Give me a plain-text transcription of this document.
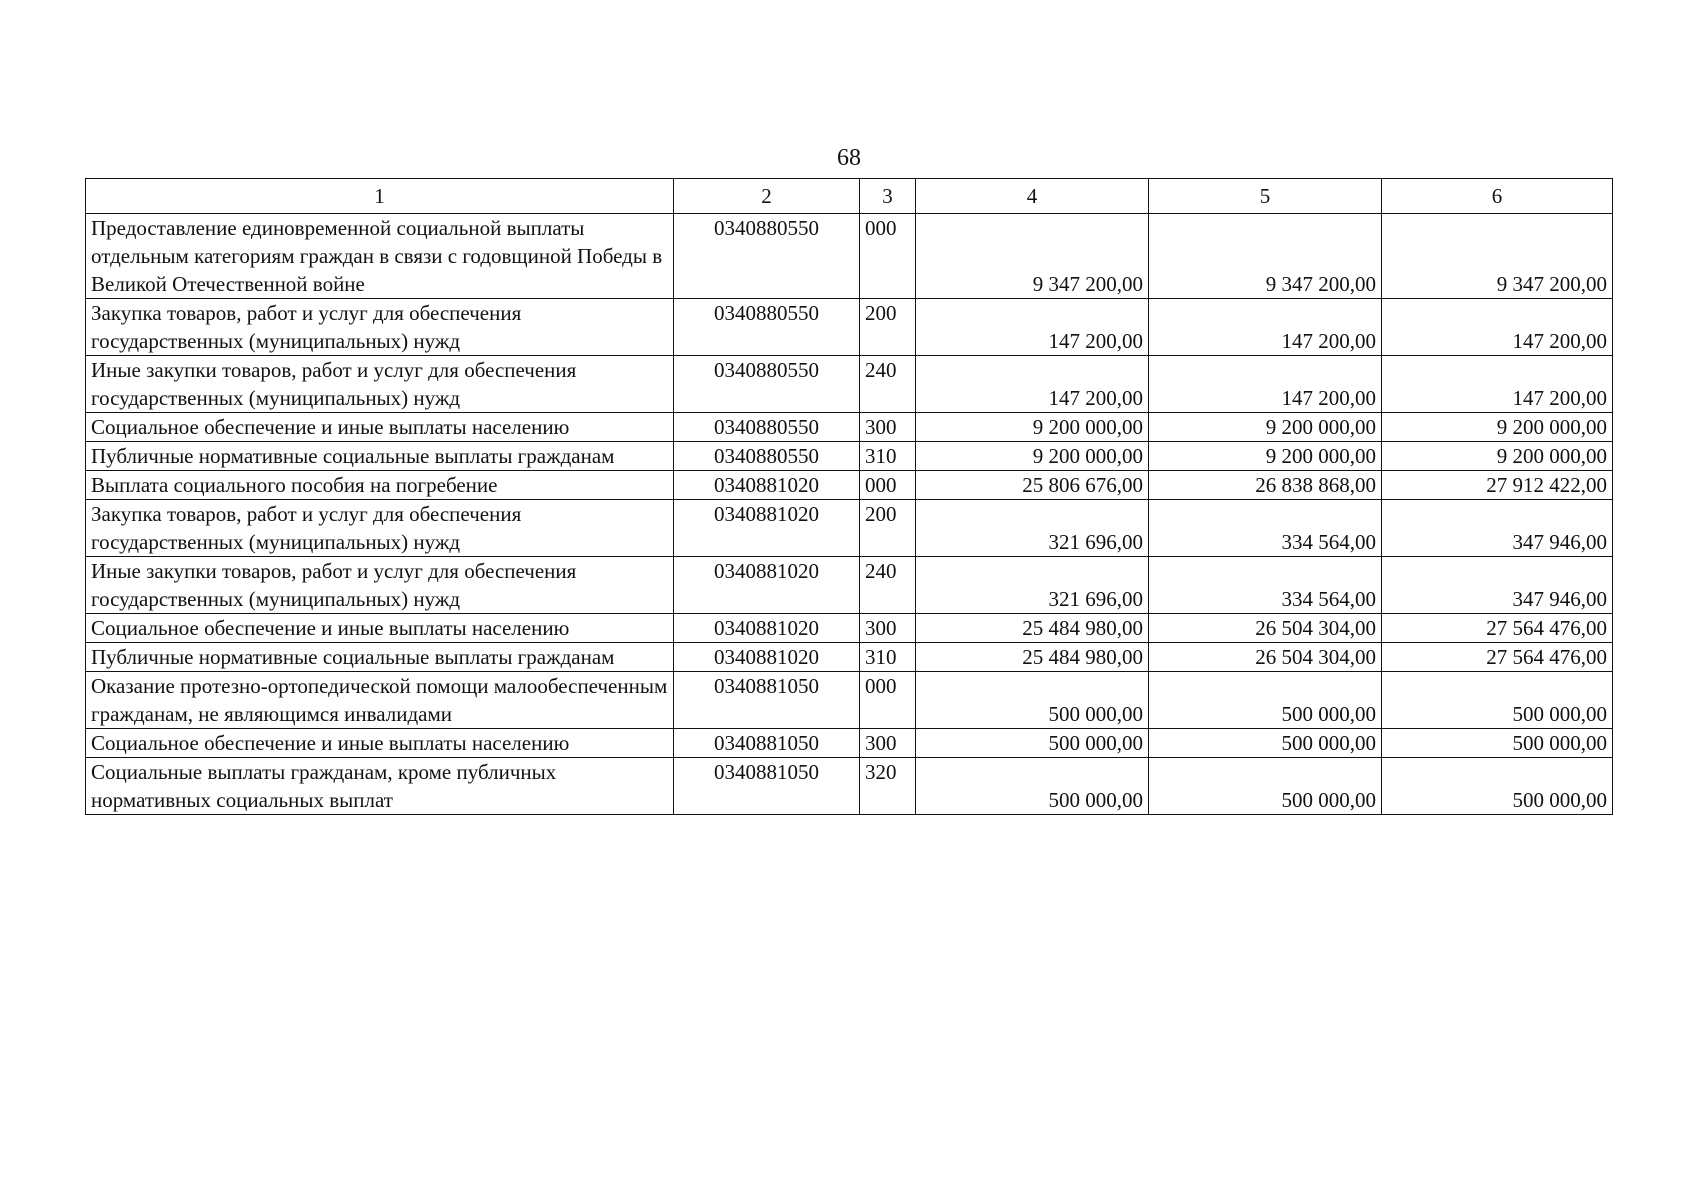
68
1	2	3	4	5	6
Предоставление единовременной социальной выплаты отдельным категориям граждан в связи с годовщиной Победы в Великой Отечественной войне	0340880550	000	9 347 200,00	9 347 200,00	9 347 200,00
Закупка товаров, работ и услуг для обеспечения государственных (муниципальных) нужд	0340880550	200	147 200,00	147 200,00	147 200,00
Иные закупки товаров, работ и услуг для обеспечения государственных (муниципальных) нужд	0340880550	240	147 200,00	147 200,00	147 200,00
Социальное обеспечение и иные выплаты населению	0340880550	300	9 200 000,00	9 200 000,00	9 200 000,00
Публичные нормативные социальные выплаты гражданам	0340880550	310	9 200 000,00	9 200 000,00	9 200 000,00
Выплата социального пособия на погребение	0340881020	000	25 806 676,00	26 838 868,00	27 912 422,00
Закупка товаров, работ и услуг для обеспечения государственных (муниципальных) нужд	0340881020	200	321 696,00	334 564,00	347 946,00
Иные закупки товаров, работ и услуг для обеспечения государственных (муниципальных) нужд	0340881020	240	321 696,00	334 564,00	347 946,00
Социальное обеспечение и иные выплаты населению	0340881020	300	25 484 980,00	26 504 304,00	27 564 476,00
Публичные нормативные социальные выплаты гражданам	0340881020	310	25 484 980,00	26 504 304,00	27 564 476,00
Оказание протезно-ортопедической помощи малообеспеченным гражданам, не являющимся инвалидами	0340881050	000	500 000,00	500 000,00	500 000,00
Социальное обеспечение и иные выплаты населению	0340881050	300	500 000,00	500 000,00	500 000,00
Социальные выплаты гражданам, кроме публичных нормативных социальных выплат	0340881050	320	500 000,00	500 000,00	500 000,00
